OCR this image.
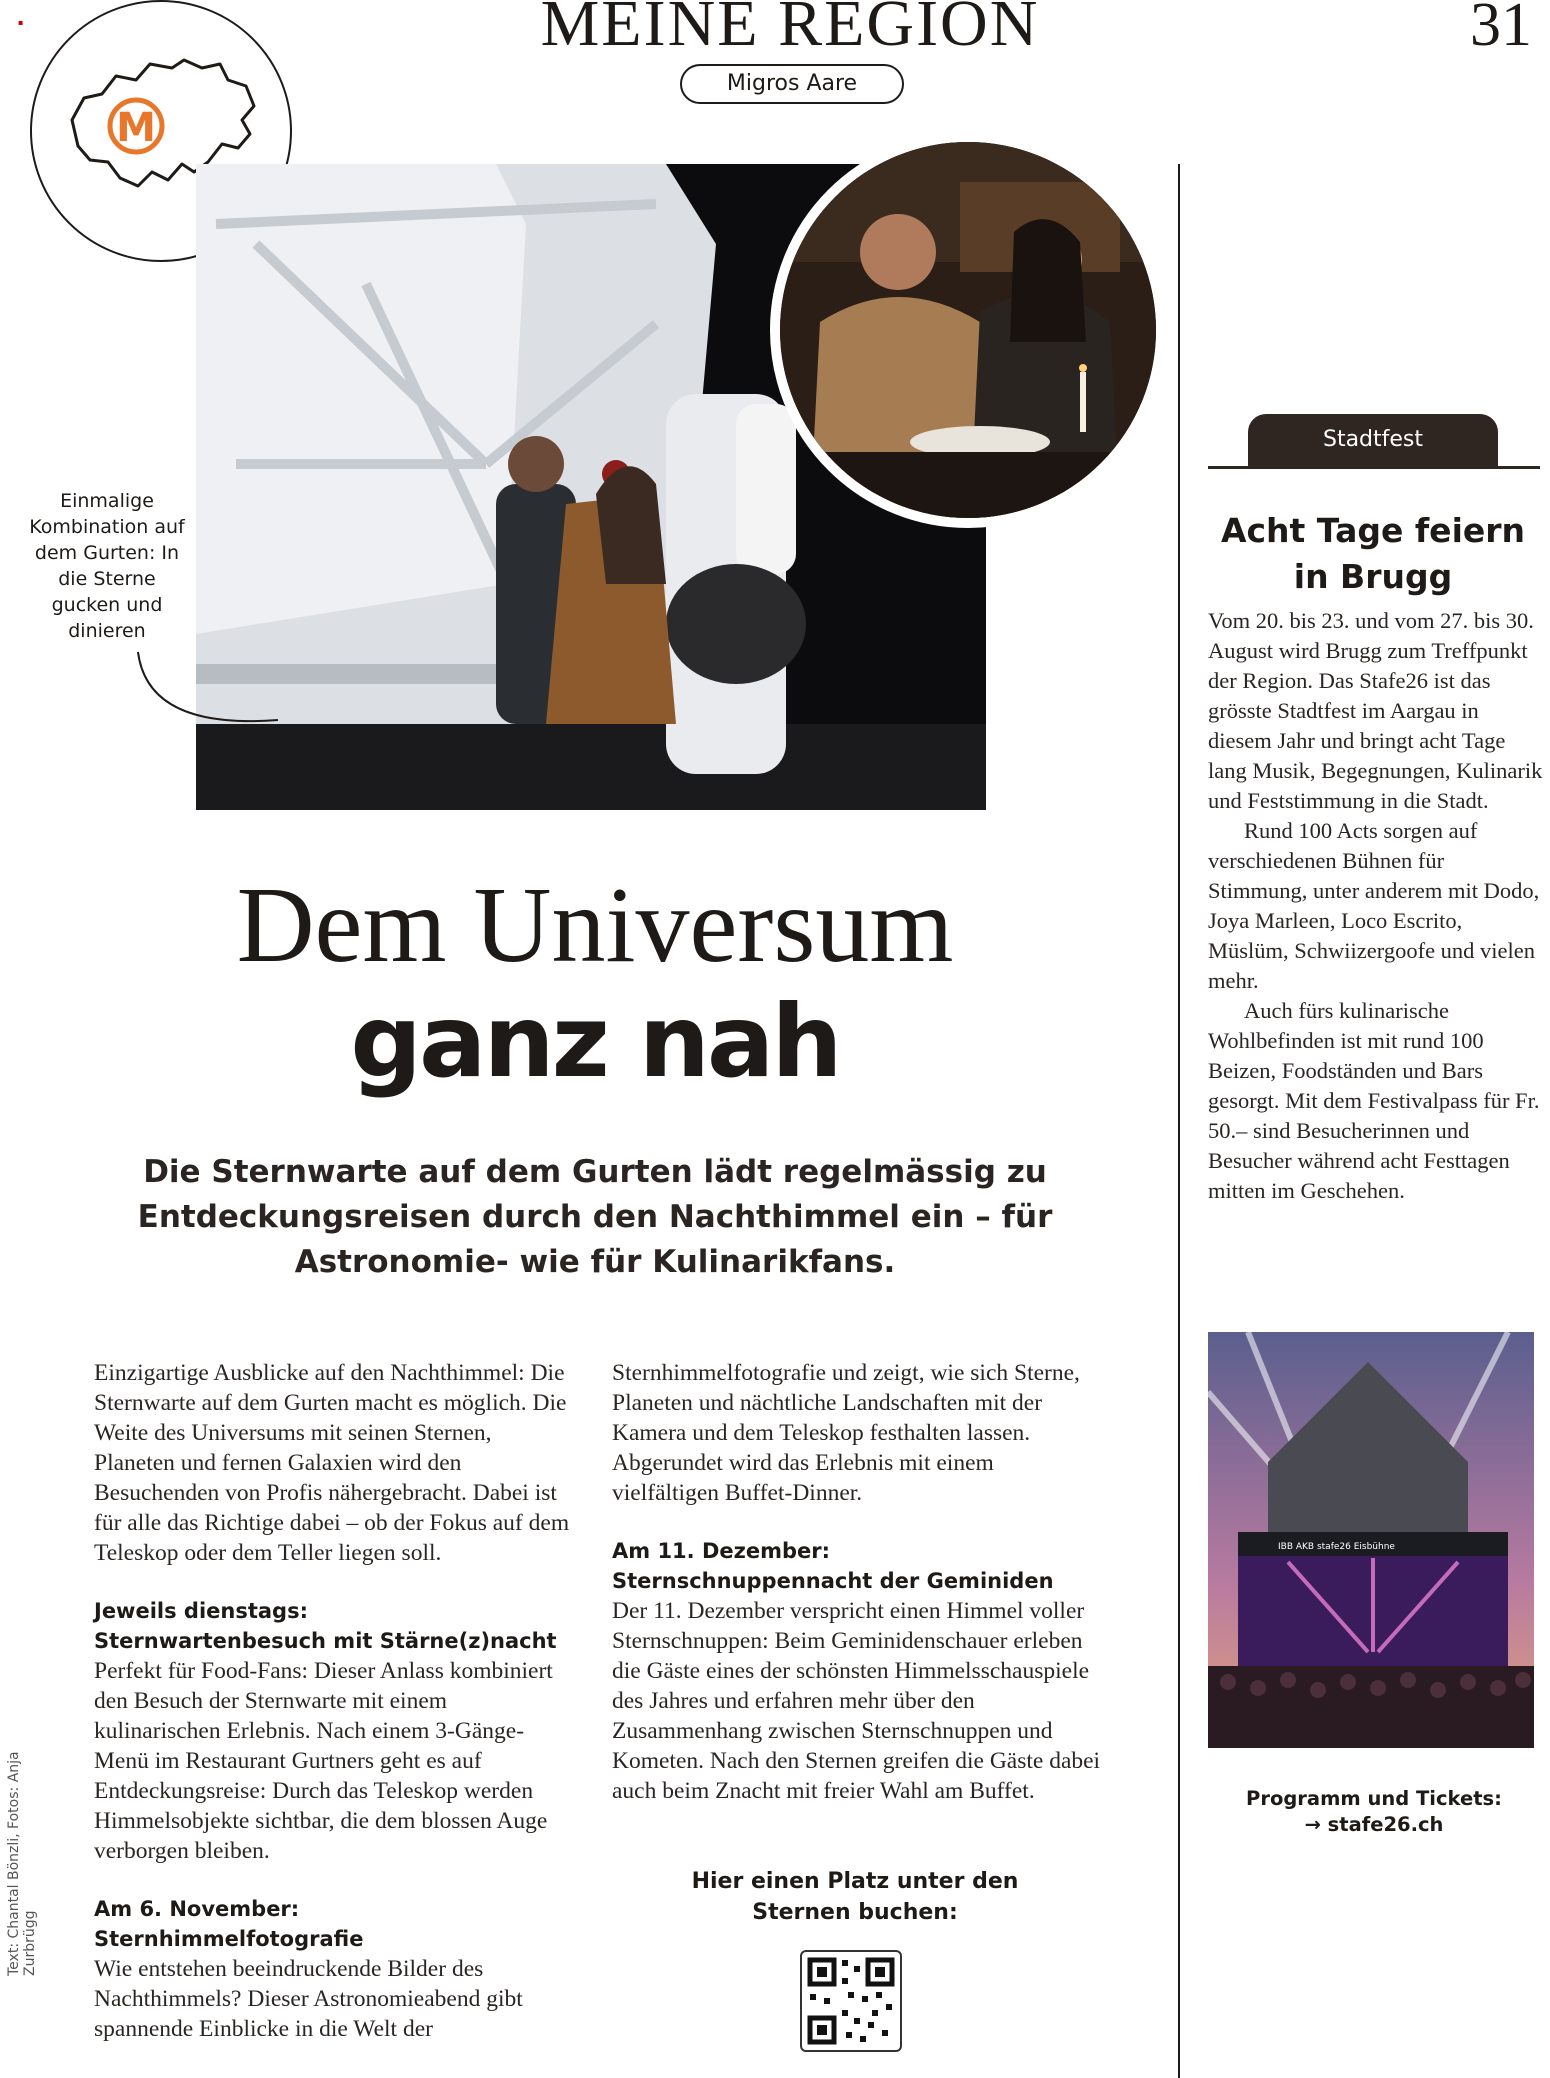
▪	MEINE REGION	31
Migros Aare
M
Einmalige Kombination auf dem Gurten: In die Sterne gucken und dinieren
Dem Universum
ganz nah
Die Sternwarte auf dem Gurten lädt regelmässig zu Entdeckungsreisen durch den Nachthimmel ein – für Astronomie- wie für Kulinarikfans.

Einzigartige Ausblicke auf den Nachthimmel: Die Sternwarte auf dem Gurten macht es möglich. Die Weite des Universums mit seinen Sternen, Planeten und fernen Galaxien wird den Besuchenden von Profis nähergebracht. Dabei ist für alle das Richtige dabei – ob der Fokus auf dem Teleskop oder dem Teller liegen soll.

Jeweils dienstags:
Sternwartenbesuch mit Stärne(z)nacht

Perfekt für Food-Fans: Dieser Anlass kombiniert den Besuch der Sternwarte mit einem kulinarischen Erlebnis. Nach einem 3-Gänge-Menü im Restaurant Gurtners geht es auf Entdeckungsreise: Durch das Teleskop werden Himmelsobjekte sichtbar, die dem blossen Auge verborgen bleiben.

Am 6. November:
Sternhimmelfotografie

Wie entstehen beeindruckende Bilder des Nachthimmels? Dieser Astronomieabend gibt spannende Einblicke in die Welt der

Sternhimmelfotografie und zeigt, wie sich Sterne, Planeten und nächtliche Landschaften mit der Kamera und dem Teleskop festhalten lassen. Abgerundet wird das Erlebnis mit einem vielfältigen Buffet-Dinner.

Am 11. Dezember:
Sternschnuppennacht der Geminiden

Der 11. Dezember verspricht einen Himmel voller Sternschnuppen: Beim Geminidenschauer erleben die Gäste eines der schönsten Himmelsschauspiele des Jahres und erfahren mehr über den Zusammenhang zwischen Sternschnuppen und Kometen. Nach den Sternen greifen die Gäste dabei auch beim Znacht mit freier Wahl am Buffet.

Hier einen Platz unter den Sternen buchen:
Stadtfest
Acht Tage feiern in Brugg

Vom 20. bis 23. und vom 27. bis 30. August wird Brugg zum Treffpunkt der Region. Das Stafe26 ist das grösste Stadtfest im Aargau in diesem Jahr und bringt acht Tage lang Musik, Begegnungen, Kulinarik und Feststimmung in die Stadt.

Rund 100 Acts sorgen auf verschiedenen Bühnen für Stimmung, unter anderem mit Dodo, Joya Marleen, Loco Escrito, Müslüm, Schwiizergoofe und vielen mehr.

Auch fürs kulinarische Wohlbefinden ist mit rund 100 Beizen, Foodständen und Bars gesorgt. Mit dem Festivalpass für Fr. 50.– sind Besucherinnen und Besucher während acht Festtagen mitten im Geschehen.

IBB AKB stafe26 Eisbühne
Programm und Tickets:
→ stafe26.ch
Text: Chantal Bönzli, Fotos: Anja Zurbrügg
